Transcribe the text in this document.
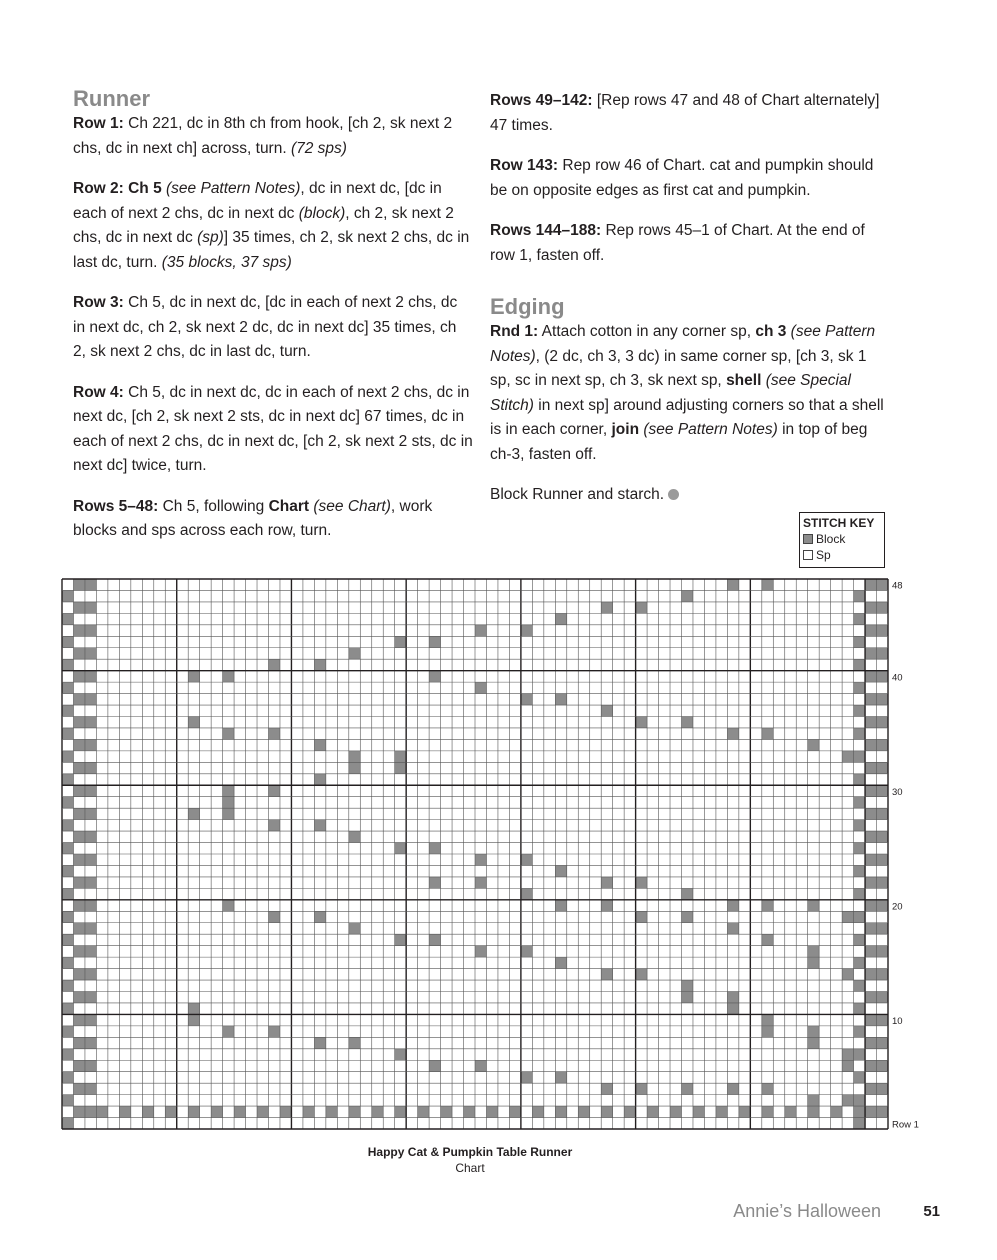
Runner

Row 1: Ch 221, dc in 8th ch from hook, [ch 2, sk next 2 chs, dc in next ch] across, turn. (72 sps)

Row 2: Ch 5 (see Pattern Notes), dc in next dc, [dc in each of next 2 chs, dc in next dc (block), ch 2, sk next 2 chs, dc in next dc (sp)] 35 times, ch 2, sk next 2 chs, dc in last dc, turn. (35 blocks, 37 sps)

Row 3: Ch 5, dc in next dc, [dc in each of next 2 chs, dc in next dc, ch 2, sk next 2 dc, dc in next dc] 35 times, ch 2, sk next 2 chs, dc in last dc, turn.

Row 4: Ch 5, dc in next dc, dc in each of next 2 chs, dc in next dc, [ch 2, sk next 2 sts, dc in next dc] 67 times, dc in each of next 2 chs, dc in next dc, [ch 2, sk next 2 sts, dc in next dc] twice, turn.

Rows 5–48: Ch 5, following Chart (see Chart), work blocks and sps across each row, turn.

Rows 49–142: [Rep rows 47 and 48 of Chart alternately] 47 times.

Row 143: Rep row 46 of Chart. cat and pumpkin should be on opposite edges as first cat and pumpkin.

Rows 144–188: Rep rows 45–1 of Chart. At the end of row 1, fasten off.

Edging

Rnd 1: Attach cotton in any corner sp, ch 3 (see Pattern Notes), (2 dc, ch 3, 3 dc) in same corner sp, [ch 3, sk 1 sp, sc in next sp, ch 3, sk next sp, shell (see Special Stitch) in next sp] around adjusting corners so that a shell is in each corner, join (see Pattern Notes) in top of beg ch-3, fasten off.

Block Runner and starch.

STITCH KEY
Block
Sp
Row 1
10
20
30
40
48
Happy Cat & Pumpkin Table Runner
Chart
Annie’s Halloween	51
